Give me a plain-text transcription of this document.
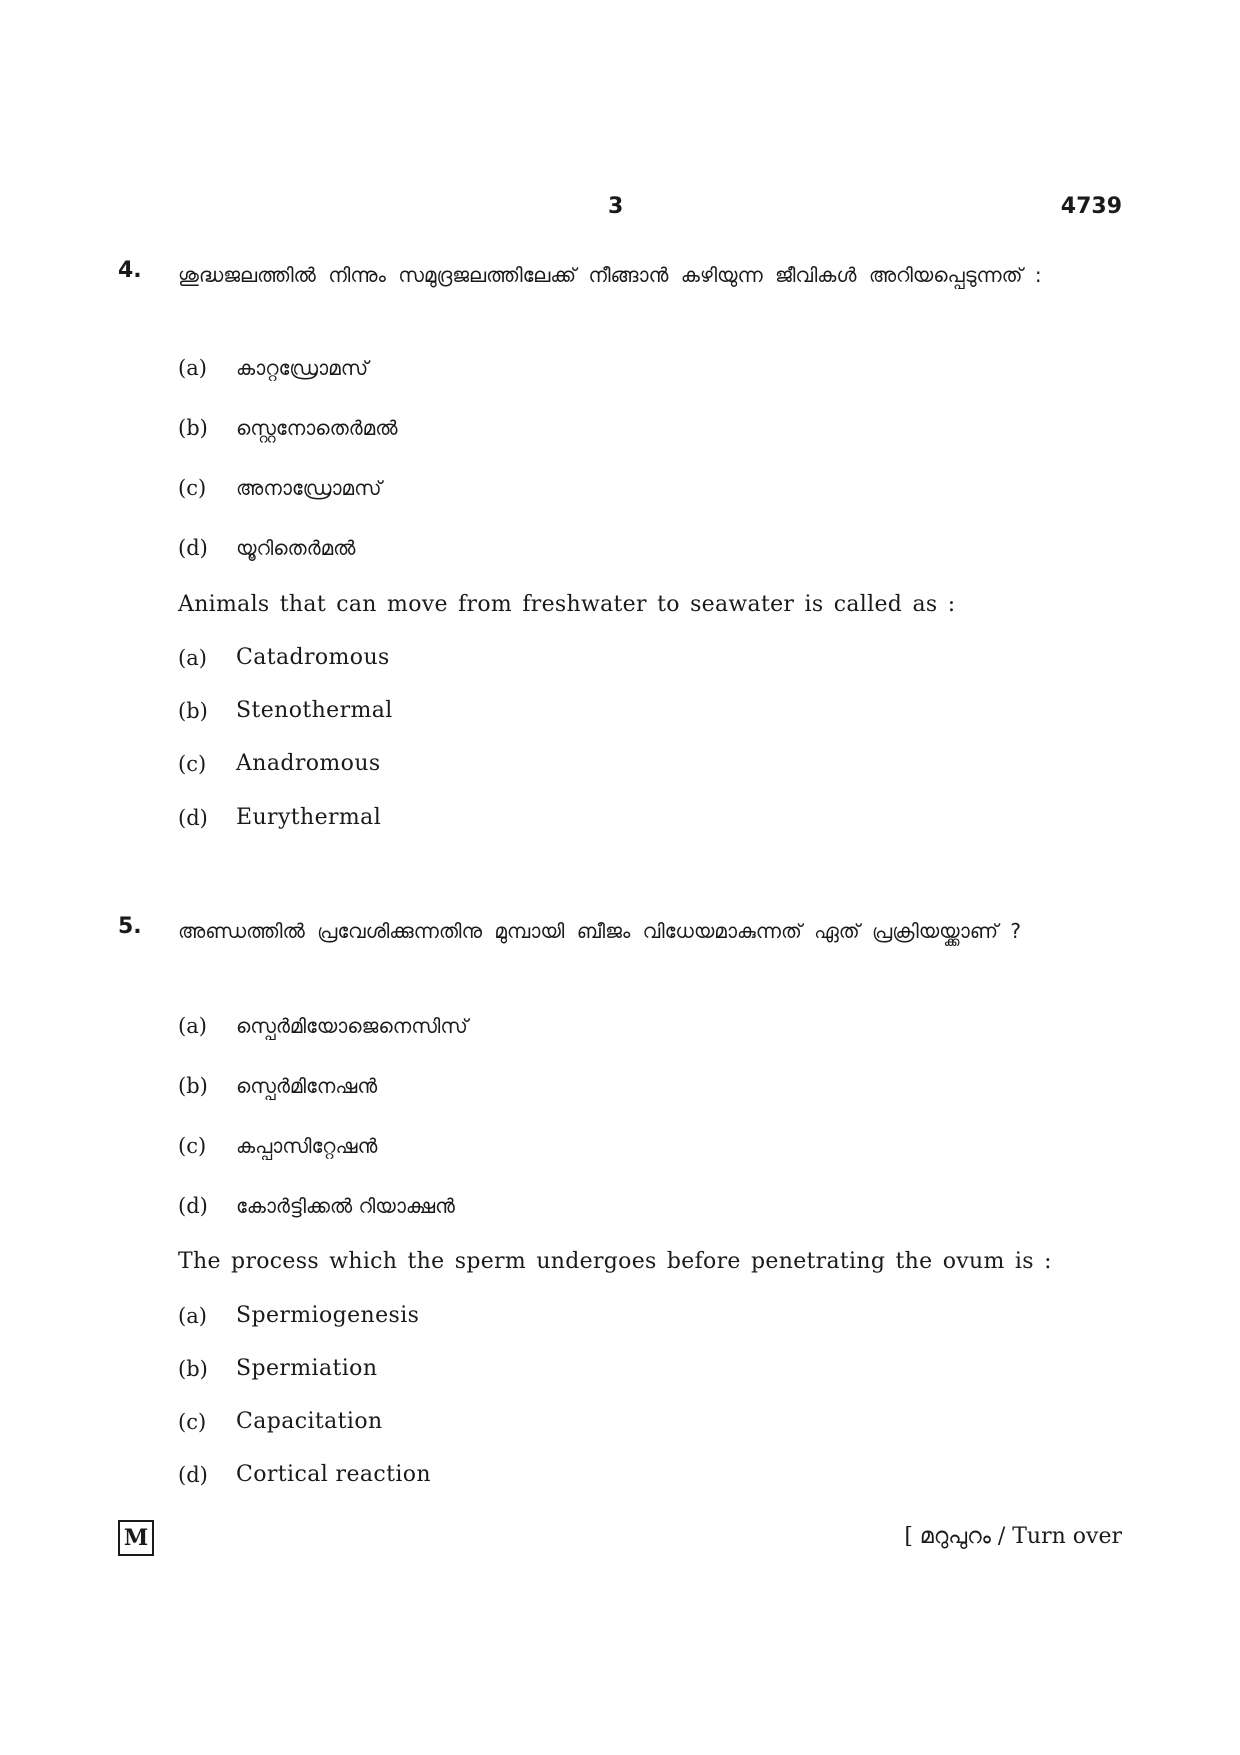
3	4739
4. ശുദ്ധജലത്തിൽ നിന്നും സമുദ്രജലത്തിലേക്ക് നീങ്ങാൻ കഴിയുന്ന ജീവികൾ അറിയപ്പെടുന്നത് :
(a) കാറ്റഡ്രോമസ്
(b) സ്റ്റെനോതെർമൽ
(c) അനാഡ്രോമസ്
(d) യൂറിതെർമൽ
Animals that can move from freshwater to seawater is called as :
(a) Catadromous
(b) Stenothermal
(c) Anadromous
(d) Eurythermal
5. അണ്ഡത്തിൽ പ്രവേശിക്കുന്നതിനു മുമ്പായി ബീജം വിധേയമാകുന്നത് ഏത് പ്രക്രിയയ്ക്കാണ് ?
(a) സ്പെർമിയോജെനെസിസ്
(b) സ്പെർമിനേഷൻ
(c) കപ്പാസിറ്റേഷൻ
(d) കോർട്ടിക്കൽ റിയാക്ഷൻ
The process which the sperm undergoes before penetrating the ovum is :
(a) Spermiogenesis
(b) Spermiation
(c) Capacitation
(d) Cortical reaction
M	[ മറുപുറം / Turn over
